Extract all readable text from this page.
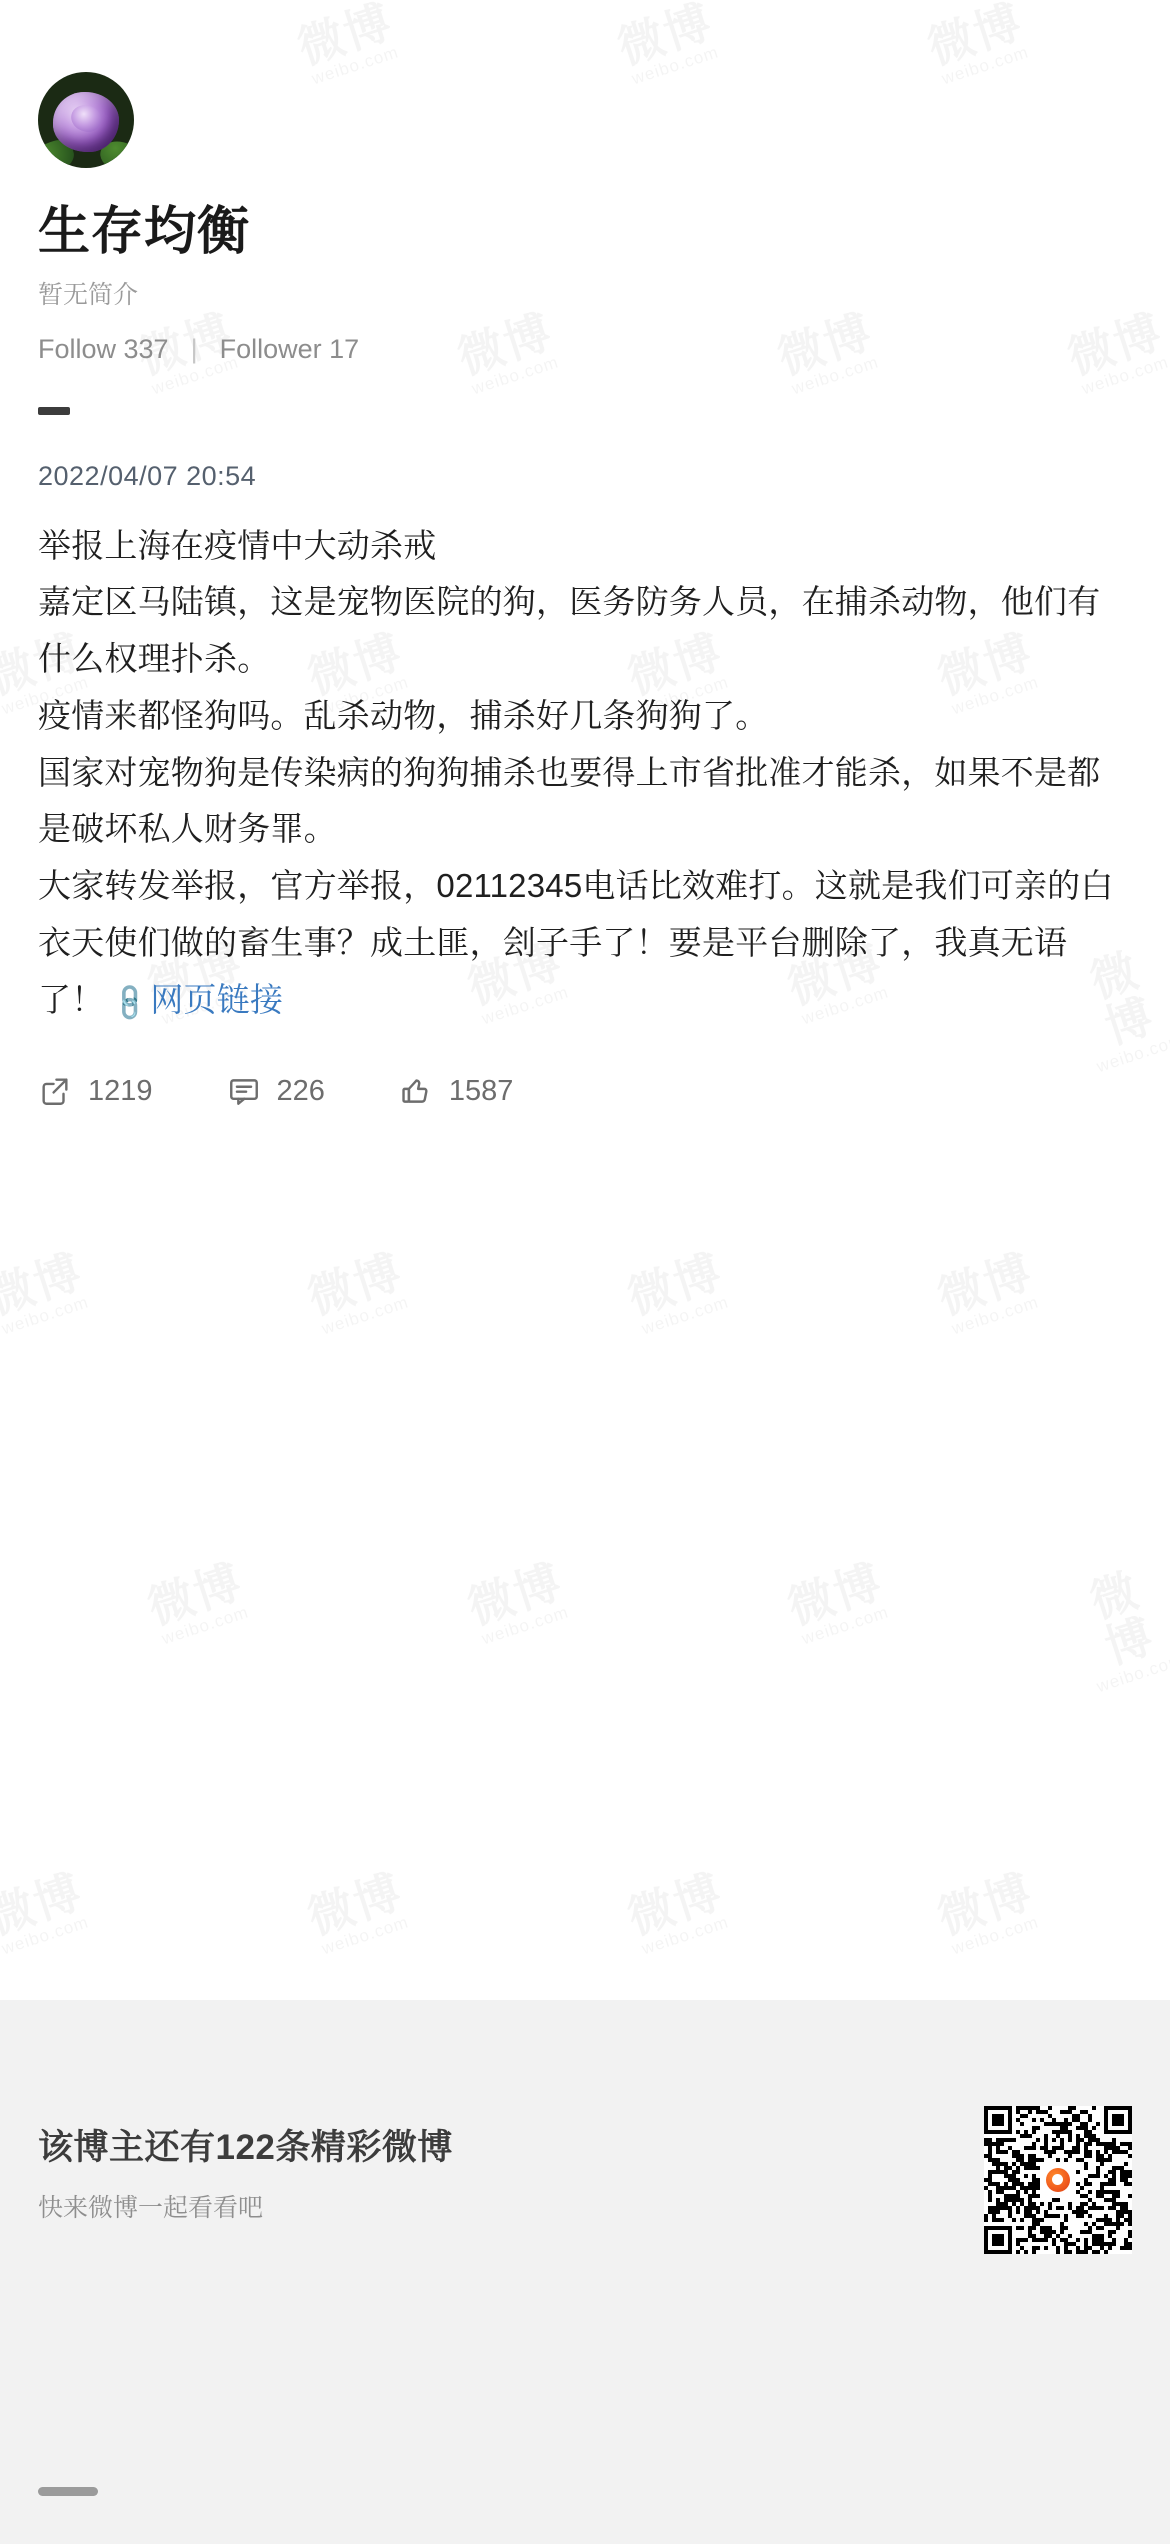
生存均衡
暂无简介
Follow 337 | Follower 17
2022/04/07 20:54

举报上海在疫情中大动杀戒

嘉定区马陆镇，这是宠物医院的狗，医务防务人员，在捕杀动物，他们有什么权理扑杀。

疫情来都怪狗吗。乱杀动物，捕杀好几条狗狗了。

国家对宠物狗是传染病的狗狗捕杀也要得上市省批准才能杀，如果不是都是破坏私人财务罪。

大家转发举报，官方举报，02112345电话比效难打。这就是我们可亲的白衣天使们做的畜生事？成土匪，刽子手了！要是平台删除了，我真无语了！ 🔗网页链接

1219	226	1587
该博主还有122条精彩微博
快来微博一起看看吧
